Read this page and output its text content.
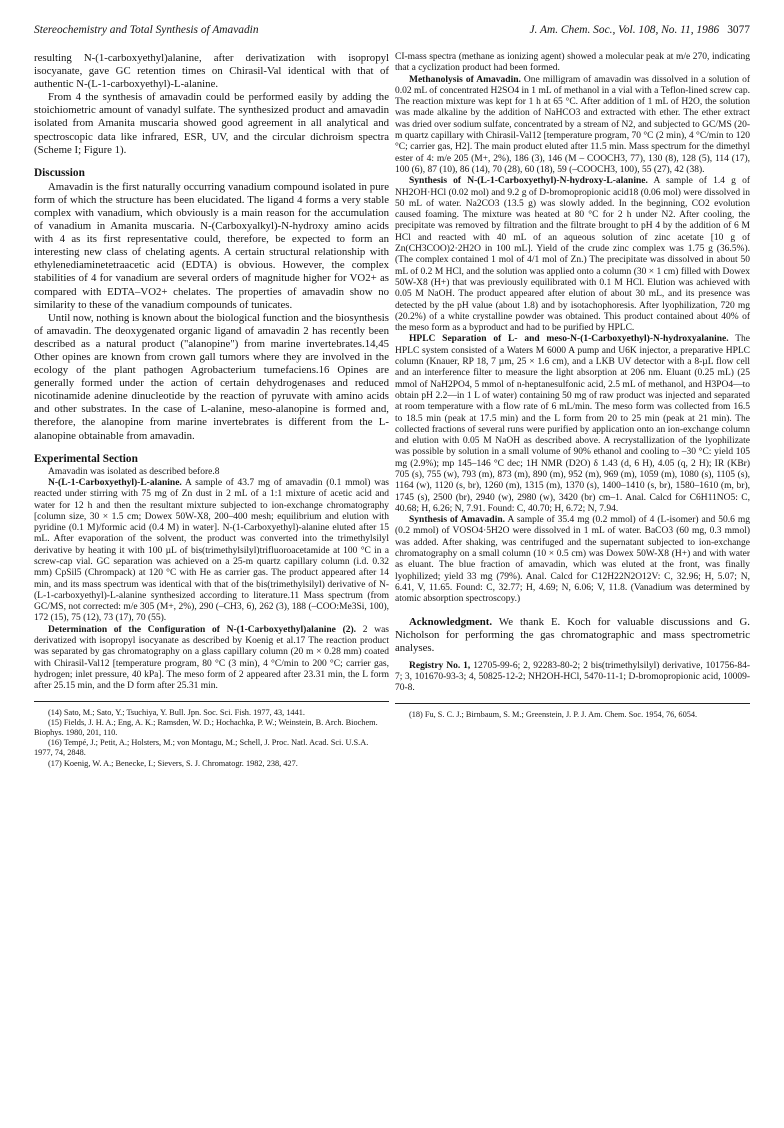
Stereochemistry and Total Synthesis of Amavadin	J. Am. Chem. Soc., Vol. 108, No. 11, 1986 3077

resulting N-(1-carboxyethyl)alanine, after derivatization with isopropyl isocyanate, gave GC retention times on Chirasil-Val identical with that of authentic N-(L-1-carboxyethyl)-L-alanine.

From 4 the synthesis of amavadin could be performed easily by adding the stoichiometric amount of vanadyl sulfate. The synthesized product and amavadin isolated from Amanita muscaria showed good agreement in all analytical and spectroscopic data like infrared, ESR, UV, and the circular dichroism spectra (Scheme I; Figure 1).

Discussion

Amavadin is the first naturally occurring vanadium compound isolated in pure form of which the structure has been elucidated. The ligand 4 forms a very stable complex with vanadium, which obviously is a main reason for the accumulation of vanadium in Amanita muscaria. N-(Carboxyalkyl)-N-hydroxy amino acids with 4 as its first representative could, therefore, be expected to form an interesting new class of chelating agents. A certain structural relationship with ethylenediaminetetraacetic acid (EDTA) is obvious. However, the complex stabilities of 4 for vanadium are several orders of magnitude higher for VO2+ as compared with EDTA–VO2+ chelates. The properties of amavadin show no similarity to these of the vanadium compounds of tunicates.

Until now, nothing is known about the biological function and the biosynthesis of amavadin. The deoxygenated organic ligand of amavadin 2 has recently been described as a natural product ("alanopine") from marine invertebrates.14,45 Other opines are known from crown gall tumors where they are involved in the ecology of the plant pathogen Agrobacterium tumefaciens.16 Opines are generally formed under the action of certain dehydrogenases and reduced nicotinamide adenine dinucleotide by the reaction of pyruvate with amino acids and other substrates. In the case of L-alanine, meso-alanopine is formed and, therefore, the alanopine from marine invertebrates is different from the L-alanopine obtainable from amavadin.

Experimental Section

Amavadin was isolated as described before.8

N-(L-1-Carboxyethyl)-L-alanine. A sample of 43.7 mg of amavadin (0.1 mmol) was reacted under stirring with 75 mg of Zn dust in 2 mL of a 1:1 mixture of acetic acid and water for 12 h and then the resultant mixture subjected to ion-exchange chromatography [column size, 30 × 1.5 cm; Dowex 50W-X8, 200–400 mesh; equilibrium and elution with pyridine (0.1 M)/formic acid (0.4 M) in water]. N-(1-Carboxyethyl)-alanine eluted after 15 mL. After evaporation of the solvent, the product was converted into the trimethylsilyl derivative by heating it with 100 µL of bis(trimethylsilyl)trifluoroacetamide at 100 °C in a screw-cap vial. GC separation was achieved on a 25-m quartz capillary column (i.d. 0.32 mm) CpSil5 (Chrompack) at 120 °C with He as carrier gas. The product appeared after 14 min, and its mass spectrum was identical with that of the bis(trimethylsilyl) derivative of N-(L-1-carboxyethyl)-L-alanine synthesized according to literature.11 Mass spectrum (from GC/MS, not corrected: m/e 305 (M+, 2%), 290 (–CH3, 6), 262 (3), 188 (–COO:Me3Si, 100), 172 (15), 75 (12), 73 (17), 70 (55).

Determination of the Configuration of N-(1-Carboxyethyl)alanine (2). 2 was derivatized with isopropyl isocyanate as described by Koenig et al.17 The reaction product was separated by gas chromatography on a glass capillary column (20 m × 0.28 mm) coated with Chirasil-Val12 [temperature program, 80 °C (3 min), 4 °C/min to 200 °C; carrier gas, hydrogen; inlet pressure, 40 kPa]. The meso form of 2 appeared after 23.31 min, the L form after 25.15 min, and the D form after 25.31 min.

(14) Sato, M.; Sato, Y.; Tsuchiya, Y. Bull. Jpn. Soc. Sci. Fish. 1977, 43, 1441.

(15) Fields, J. H. A.; Eng, A. K.; Ramsden, W. D.; Hochachka, P. W.; Weinstein, B. Arch. Biochem. Biophys. 1980, 201, 110.

(16) Tempé, J.; Petit, A.; Holsters, M.; von Montagu, M.; Schell, J. Proc. Natl. Acad. Sci. U.S.A. 1977, 74, 2848.

(17) Koenig, W. A.; Benecke, I.; Sievers, S. J. Chromatogr. 1982, 238, 427.

CI-mass spectra (methane as ionizing agent) showed a molecular peak at m/e 270, indicating that a cyclization product had been formed.

Methanolysis of Amavadin. One milligram of amavadin was dissolved in a solution of 0.02 mL of concentrated H2SO4 in 1 mL of methanol in a vial with a Teflon-lined screw cap. The reaction mixture was kept for 1 h at 65 °C. After addition of 1 mL of H2O, the solution was made alkaline by the addition of NaHCO3 and extracted with ether. The ether extract was dried over sodium sulfate, concentrated by a stream of N2, and subjected to GC/MS (20-m quartz capillary with Chirasil-Val12 [temperature program, 70 °C (2 min), 4 °C/min to 120 °C; carrier gas, H2]. The main product eluted after 11.5 min. Mass spectrum for the dimethyl ester of 4: m/e 205 (M+, 2%), 186 (3), 146 (M – COOCH3, 77), 130 (8), 128 (5), 114 (17), 100 (6), 87 (10), 86 (14), 70 (28), 60 (18), 59 (–COOCH3, 100), 55 (27), 42 (38).

Synthesis of N-(L-1-Carboxyethyl)-N-hydroxy-L-alanine. A sample of 1.4 g of NH2OH·HCl (0.02 mol) and 9.2 g of D-bromopropionic acid18 (0.06 mol) were dissolved in 50 mL of water. Na2CO3 (13.5 g) was slowly added. In the beginning, CO2 evolution caused foaming. The mixture was heated at 80 °C for 2 h under N2. After cooling, the precipitate was removed by filtration and the filtrate brought to pH 4 by the addition of 6 M HCl and reacted with 40 mL of an aqueous solution of zinc acetate [10 g of Zn(CH3COO)2·2H2O in 100 mL]. Yield of the crude zinc complex was 1.75 g (36.5%). (The complex contained 1 mol of 4/1 mol of Zn.) The precipitate was dissolved in about 50 mL of 0.2 M HCl, and the solution was applied onto a column (30 × 1 cm) filled with Dowex 50W-X8 (H+) that was previously equilibrated with 0.1 M HCl. Elution was achieved with 0.05 M NaOH. The product appeared after elution of about 30 mL, and its presence was detected by the pH value (about 1.8) and by isotachophoresis. After lyophilization, 720 mg (20.2%) of a white crystalline powder was obtained. This product contained about 40% of the meso form as a byproduct and had to be purified by HPLC.

HPLC Separation of L- and meso-N-(1-Carboxyethyl)-N-hydroxyalanine. The HPLC system consisted of a Waters M 6000 A pump and U6K injector, a preparative HPLC column (Knauer, RP 18, 7 µm, 25 × 1.6 cm), and a LKB UV detector with a 8-µL flow cell and an interference filter to measure the light absorption at 206 nm. Eluant (0.25 mL) (25 mmol of NaH2PO4, 5 mmol of n-heptanesulfonic acid, 2.5 mL of methanol, and H3PO4—to obtain pH 2.2—in 1 L of water) containing 50 mg of raw product was injected and separated at room temperature with a flow rate of 6 mL/min. The meso form was collected from 16.5 to 18.5 min (peak at 17.5 min) and the L form from 20 to 25 min (peak at 21 min). The collected fractions of several runs were purified by application onto an ion-exchange column and elution with 0.05 M NaOH as described above. A recrystallization of the lyophilizate was possible by solution in a small volume of 90% ethanol and cooling to –30 °C: yield 105 mg (2.9%); mp 145–146 °C dec; 1H NMR (D2O) δ 1.43 (d, 6 H), 4.05 (q, 2 H); IR (KBr) 705 (s), 755 (w), 793 (m), 873 (m), 890 (m), 952 (m), 969 (m), 1059 (m), 1080 (s), 1105 (s), 1164 (w), 1120 (s, br), 1260 (m), 1315 (m), 1370 (s), 1400–1410 (s, br), 1580–1610 (m, br), 1745 (s), 2500 (br), 2940 (w), 2980 (w), 3420 (br) cm–1. Anal. Calcd for C6H11NO5: C, 40.68; H, 6.26; N, 7.91. Found: C, 40.70; H, 6.72; N, 7.94.

Synthesis of Amavadin. A sample of 35.4 mg (0.2 mmol) of 4 (L-isomer) and 50.6 mg (0.2 mmol) of VOSO4·5H2O were dissolved in 1 mL of water. BaCO3 (60 mg, 0.3 mmol) was added. After shaking, was centrifuged and the supernatant subjected to ion-exchange chromatography on a small column (10 × 0.5 cm) was Dowex 50W-X8 (H+) and with water as eluant. The blue fraction of amavadin, which was eluted at the front, was finally lyophilized; yield 33 mg (79%). Anal. Calcd for C12H22N2O12V: C, 32.96; H, 5.07; N, 6.41, V, 11.65. Found: C, 32.77; H, 4.69; N, 6.06; V, 11.8. (Vanadium was determined by atomic absorption spectroscopy.)

Acknowledgment. We thank E. Koch for valuable discussions and G. Nicholson for performing the gas chromatographic and mass spectrometric analyses.

Registry No. 1, 12705-99-6; 2, 92283-80-2; 2 bis(trimethylsilyl) derivative, 101756-84-7; 3, 101670-93-3; 4, 50825-12-2; NH2OH-HCl, 5470-11-1; D-bromopropionic acid, 10009-70-8.

(18) Fu, S. C. J.; Birnbaum, S. M.; Greenstein, J. P. J. Am. Chem. Soc. 1954, 76, 6054.
